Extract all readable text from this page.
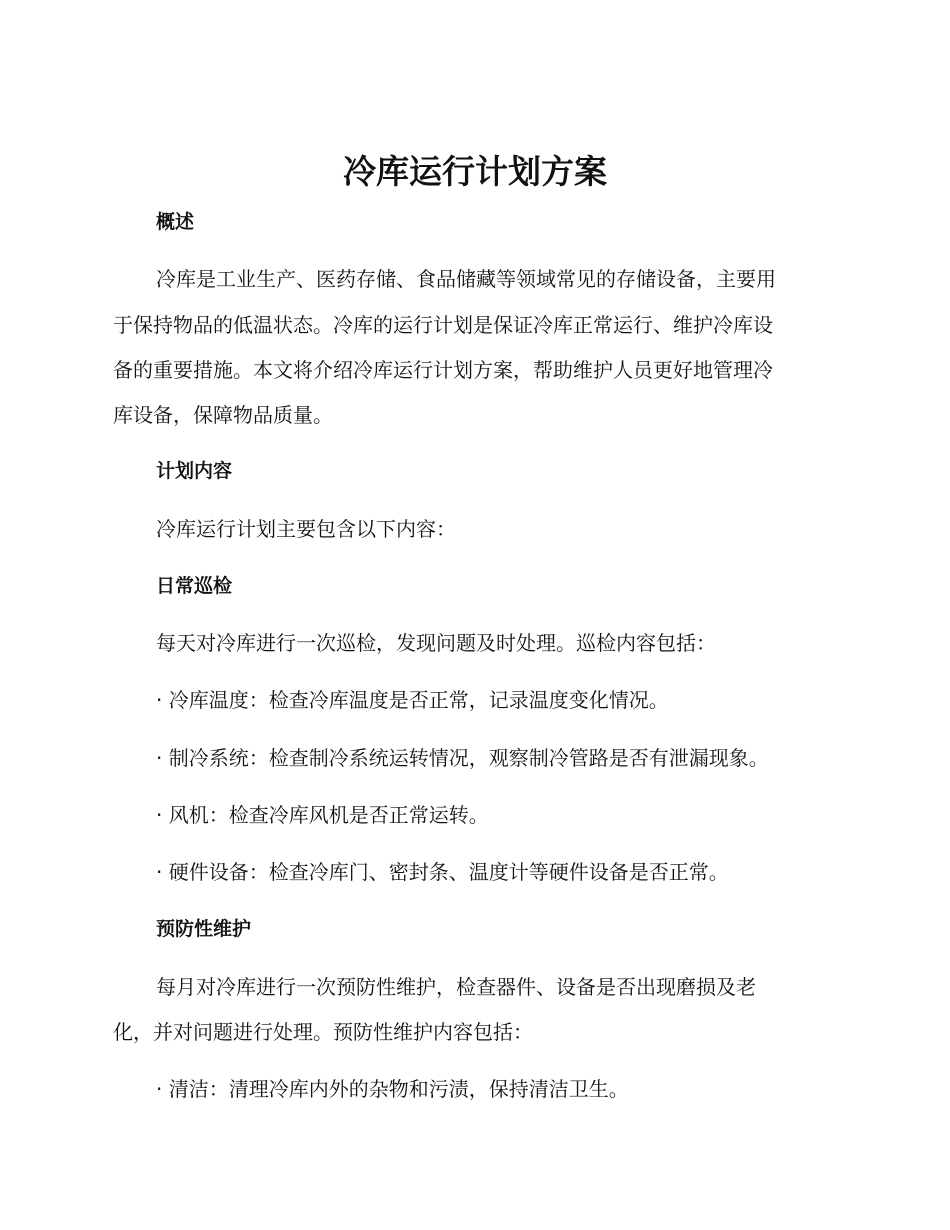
冷库运行计划方案
概述
冷库是工业生产、医药存储、食品储藏等领域常见的存储设备，主要用
于保持物品的低温状态。冷库的运行计划是保证冷库正常运行、维护冷库设
备的重要措施。本文将介绍冷库运行计划方案，帮助维护人员更好地管理冷
库设备，保障物品质量。
计划内容
冷库运行计划主要包含以下内容：
日常巡检
每天对冷库进行一次巡检，发现问题及时处理。巡检内容包括：
· 冷库温度：检查冷库温度是否正常，记录温度变化情况。
· 制冷系统：检查制冷系统运转情况，观察制冷管路是否有泄漏现象。
· 风机：检查冷库风机是否正常运转。
· 硬件设备：检查冷库门、密封条、温度计等硬件设备是否正常。
预防性维护
每月对冷库进行一次预防性维护，检查器件、设备是否出现磨损及老
化，并对问题进行处理。预防性维护内容包括：
· 清洁：清理冷库内外的杂物和污渍，保持清洁卫生。
